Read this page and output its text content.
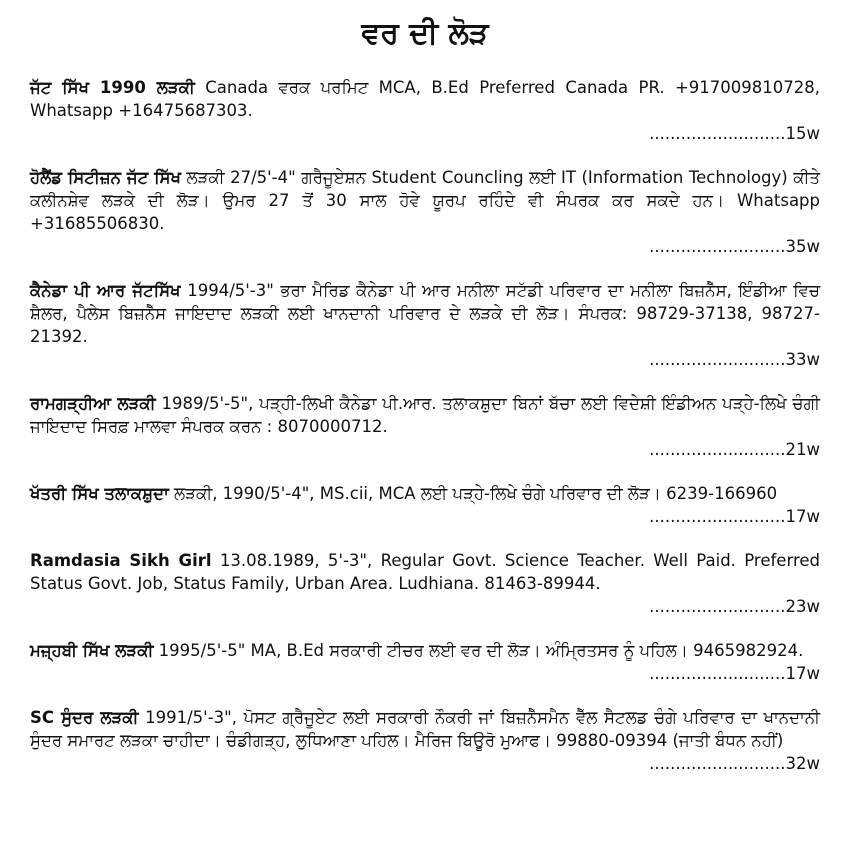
ਵਰ ਦੀ ਲੋੜ
ਜੱਟ ਸਿੱਖ 1990 ਲੜਕੀ Canada ਵਰਕ ਪਰਮਿਟ MCA, B.Ed Preferred Canada PR. +917009810728, Whatsapp +16475687303.
..........................15w
ਹੋਲੈਂਡ ਸਿਟੀਜ਼ਨ ਜੱਟ ਸਿੱਖ ਲੜਕੀ 27/5'-4" ਗਰੈਜੂਏਸ਼ਨ Student Councling ਲਈ IT (Information Technology) ਕੀਤੇ ਕਲੀਨਸ਼ੇਵ ਲੜਕੇ ਦੀ ਲੋੜ। ਉਮਰ 27 ਤੋਂ 30 ਸਾਲ ਹੋਵੇ ਯੂਰਪ ਰਹਿੰਦੇ ਵੀ ਸੰਪਰਕ ਕਰ ਸਕਦੇ ਹਨ। Whatsapp +31685506830.
..........................35w
ਕੈਨੇਡਾ ਪੀ ਆਰ ਜੱਟਸਿੱਖ 1994/5'-3" ਭਰਾ ਮੈਰਿਡ ਕੈਨੇਡਾ ਪੀ ਆਰ ਮਨੀਲਾ ਸਟੱਡੀ ਪਰਿਵਾਰ ਦਾ ਮਨੀਲਾ ਬਿਜ਼ਨੈੱਸ, ਇੰਡੀਆ ਵਿਚ ਸ਼ੈਲਰ, ਪੈਲੇਸ ਬਿਜ਼ਨੈੱਸ ਜਾਇਦਾਦ ਲੜਕੀ ਲਈ ਖਾਨਦਾਨੀ ਪਰਿਵਾਰ ਦੇ ਲੜਕੇ ਦੀ ਲੋੜ। ਸੰਪਰਕ: 98729-37138, 98727-21392.
..........................33w
ਰਾਮਗੜ੍ਹੀਆ ਲੜਕੀ 1989/5'-5", ਪੜ੍ਹੀ-ਲਿਖੀ ਕੈਨੇਡਾ ਪੀ.ਆਰ. ਤਲਾਕਸ਼ੁਦਾ ਬਿਨਾਂ ਬੱਚਾ ਲਈ ਵਿਦੇਸ਼ੀ ਇੰਡੀਅਨ ਪੜ੍ਹੇ-ਲਿਖੇ ਚੰਗੀ ਜਾਇਦਾਦ ਸਿਰਫ਼ ਮਾਲਵਾ ਸੰਪਰਕ ਕਰਨ : 8070000712.
..........................21w
ਖੱਤਰੀ ਸਿੱਖ ਤਲਾਕਸ਼ੁਦਾ ਲੜਕੀ, 1990/5'-4", MS.cii, MCA ਲਈ ਪੜ੍ਹੇ-ਲਿਖੇ ਚੰਗੇ ਪਰਿਵਾਰ ਦੀ ਲੋੜ। 6239-166960
..........................17w
Ramdasia Sikh Girl 13.08.1989, 5'-3", Regular Govt. Science Teacher. Well Paid. Preferred Status Govt. Job, Status Family, Urban Area. Ludhiana. 81463-89944.
..........................23w
ਮਜ਼੍ਹਬੀ ਸਿੱਖ ਲੜਕੀ 1995/5'-5" MA, B.Ed ਸਰਕਾਰੀ ਟੀਚਰ ਲਈ ਵਰ ਦੀ ਲੋੜ। ਅੰਮ੍ਰਿਤਸਰ ਨੂੰ ਪਹਿਲ। 9465982924.
..........................17w
SC ਸੁੰਦਰ ਲੜਕੀ 1991/5'-3", ਪੋਸਟ ਗ੍ਰੈਜੂਏਟ ਲਈ ਸਰਕਾਰੀ ਨੌਕਰੀ ਜਾਂ ਬਿਜ਼ਨੈੱਸਮੈਨ ਵੈੱਲ ਸੈਟਲਡ ਚੰਗੇ ਪਰਿਵਾਰ ਦਾ ਖਾਨਦਾਨੀ ਸੁੰਦਰ ਸਮਾਰਟ ਲੜਕਾ ਚਾਹੀਦਾ। ਚੰਡੀਗੜ੍ਹ, ਲੁਧਿਆਣਾ ਪਹਿਲ। ਮੈਰਿਜ ਬਿਊਰੋ ਮੁਆਫ। 99880-09394 (ਜਾਤੀ ਬੰਧਨ ਨਹੀਂ)
..........................32w
